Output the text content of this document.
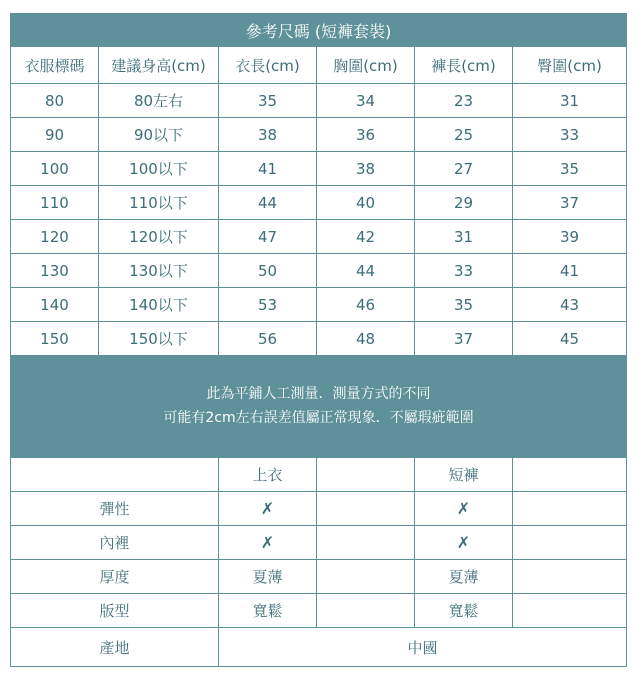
參考尺碼 (短褲套裝)					
衣服標碼	建議身高(cm)	衣長(cm)	胸圍(cm)	褲長(cm)	臀圍(cm)
80	80左右	35	34	23	31
90	90以下	38	36	25	33
100	100以下	41	38	27	35
110	110以下	44	40	29	37
120	120以下	47	42	31	39
130	130以下	50	44	33	41
140	140以下	53	46	35	43
150	150以下	56	48	37	45

此為平鋪人工測量．測量方式的不同
可能有2cm左右誤差值屬正常現象．不屬瑕疵範圍					
	上衣		短褲	
彈性	✗		✗	
內裡	✗		✗	
厚度	夏薄		夏薄	
版型	寬鬆		寬鬆	
產地	中國			
